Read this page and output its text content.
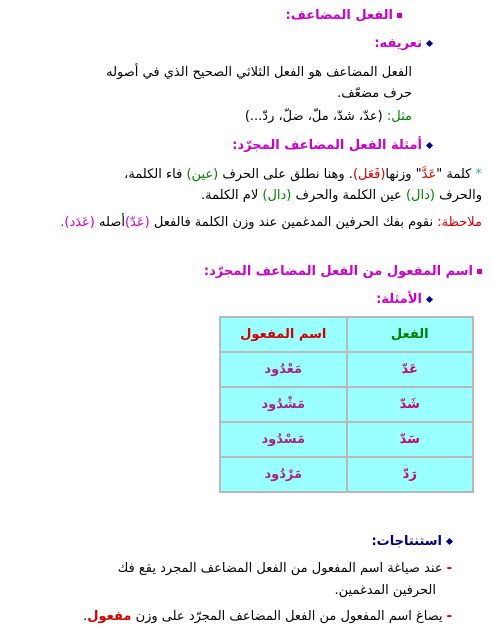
الفعل المضاعف:
تعريفه:
الفعل المضاعف هو الفعل الثلاثي الصحيح الذي في أصوله حرف مضعّف.
مثل: (عدّ، شدّ، ملّ، ضلّ، ردّ...)
أمثلة الفعل المضاعف المجرّد:
* كلمة "عَدَّ" وزنها(فَعَل). وهنا نطلق على الحرف (عين) فاء الكلمة،
والحرف (دال) عين الكلمة والحرف (دال) لام الكلمة.
ملاحظة: نقوم بفك الحرفين المدغمين عند وزن الكلمة فالفعل (عَدّ)أصله (عَدَد).
اسم المفعول من الفعل المضاعف المجرّد:
الأمثلة:
الفعل	اسم المفعول
عَدّ	مَعْدُود
شَدّ	مَشْدُود
سَدّ	مَسْدُود
رَدّ	مَرْدُود
استنتاجات:
-عند صياغة اسم المفعول من الفعل المضاعف المجرد يقع فك
الحرفين المدغمين.
-يصاغ اسم المفعول من الفعل المضاعف المجرّد على وزن مفعول.
